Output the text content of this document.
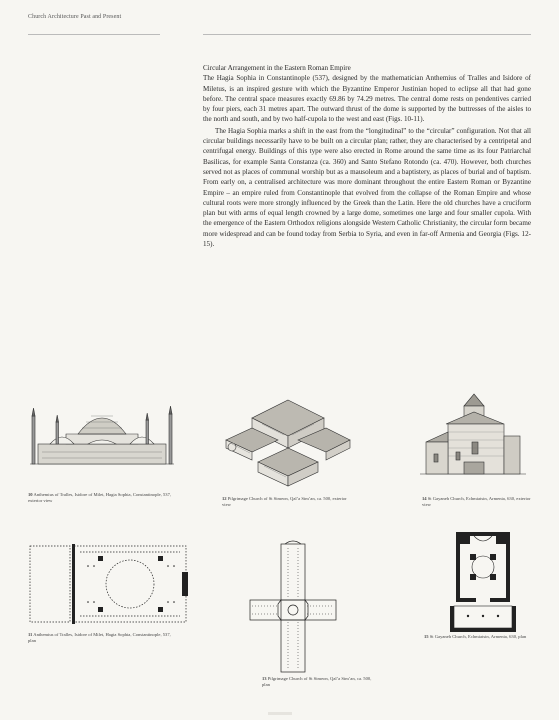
Church Architecture Past and Present

Circular Arrangement in the Eastern Roman Empire

The Hagia Sophia in Constantinople (537), designed by the mathematician Anthemius of Tralles and Isidore of Miletus, is an inspired gesture with which the Byzantine Emperor Justinian hoped to eclipse all that had gone before. The central space measures exactly 69.86 by 74.29 metres. The central dome rests on pendentives carried by four piers, each 31 metres apart. The outward thrust of the dome is supported by the buttresses of the aisles to the north and south, and by two half-cupola to the west and east (Figs. 10-11).

The Hagia Sophia marks a shift in the east from the “longitudinal” to the “circular” configuration. Not that all circular buildings necessarily have to be built on a circular plan; rather, they are characterised by a centripetal and centrifugal energy. Buildings of this type were also erected in Rome around the same time as its four Patriarchal Basilicas, for example Santa Constanza (ca. 360) and Santo Stefano Rotondo (ca. 470). However, both churches served not as places of communal worship but as a mausoleum and a baptistery, as places of burial and of baptism. From early on, a centralised architecture was more dominant throughout the entire Eastern Roman or Byzantine Empire – an empire ruled from Constantinople that evolved from the collapse of the Roman Empire and whose cultural roots were more strongly influenced by the Greek than the Latin. Here the old churches have a cruciform plan but with arms of equal length crowned by a large dome, sometimes one large and four smaller cupola. With the emergence of the Eastern Orthodox religions alongside Western Catholic Christianity, the circular form became more widespread and can be found today from Serbia to Syria, and even in far-off Armenia and Georgia (Figs. 12-15).

10 Anthemius of Tralles, Isidore of Milet, Hagia Sophia, Constantinople, 537, exterior view	12 Pilgrimage Church of St Simeon, Qal’a Sim’an, ca. 500, exterior view
14 St Gayaneh Church, Echmiatsin, Armenia, 630, exterior view
11 Anthemius of Tralles, Isidore of Milet, Hagia Sophia, Constantinople, 537, plan
13 Pilgrimage Church of St Simeon, Qal’a Sim’an, ca. 500, plan
15 St Gayaneh Church, Echmiatsin, Armenia, 630, plan
